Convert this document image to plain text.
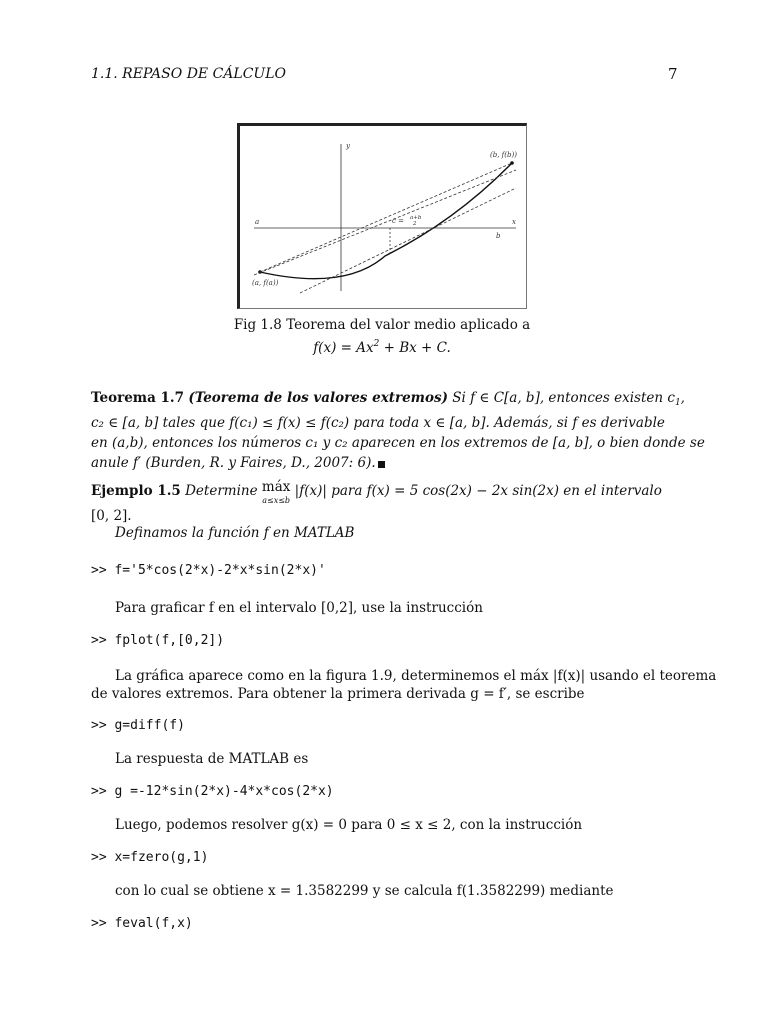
1.1. REPASO DE CÁLCULO	7
y
x
a
b
(b, f(b))
(a, f(a))
c = a+b
2
Fig 1.8 Teorema del valor medio aplicado a
$f(x) = Ax^2 + Bx + C$.
Teorema 1.7 (Teorema de los valores extremos) Si f ∈ C[a, b], entonces existen $c_1$,
c₂ ∈ [a, b] tales que f(c₁) ≤ f(x) ≤ f(c₂) para toda x ∈ [a, b]. Además, si f es derivable
en (a,b), entonces los números c₁ y c₂ aparecen en los extremos de [a, b], o bien donde se
anule f′ (Burden, R. y Faires, D., 2007: 6).
Ejemplo 1.5 Determine máx
a≤x≤b |f(x)| para f(x) = 5 cos(2x) − 2x sin(2x) en el intervalo
[0, 2].
Definamos la función f en MATLAB
>> f='5*cos(2*x)-2*x*sin(2*x)'
Para graficar f en el intervalo [0,2], use la instrucción
>> fplot(f,[0,2])
La gráfica aparece como en la figura 1.9, determinemos el máx |f(x)| usando el teorema
de valores extremos. Para obtener la primera derivada g = f′, se escribe
>> g=diff(f)
La respuesta de MATLAB es
>> g =-12*sin(2*x)-4*x*cos(2*x)
Luego, podemos resolver g(x) = 0 para 0 ≤ x ≤ 2, con la instrucción
>> x=fzero(g,1)
con lo cual se obtiene x = 1.3582299 y se calcula f(1.3582299) mediante
>> feval(f,x)
